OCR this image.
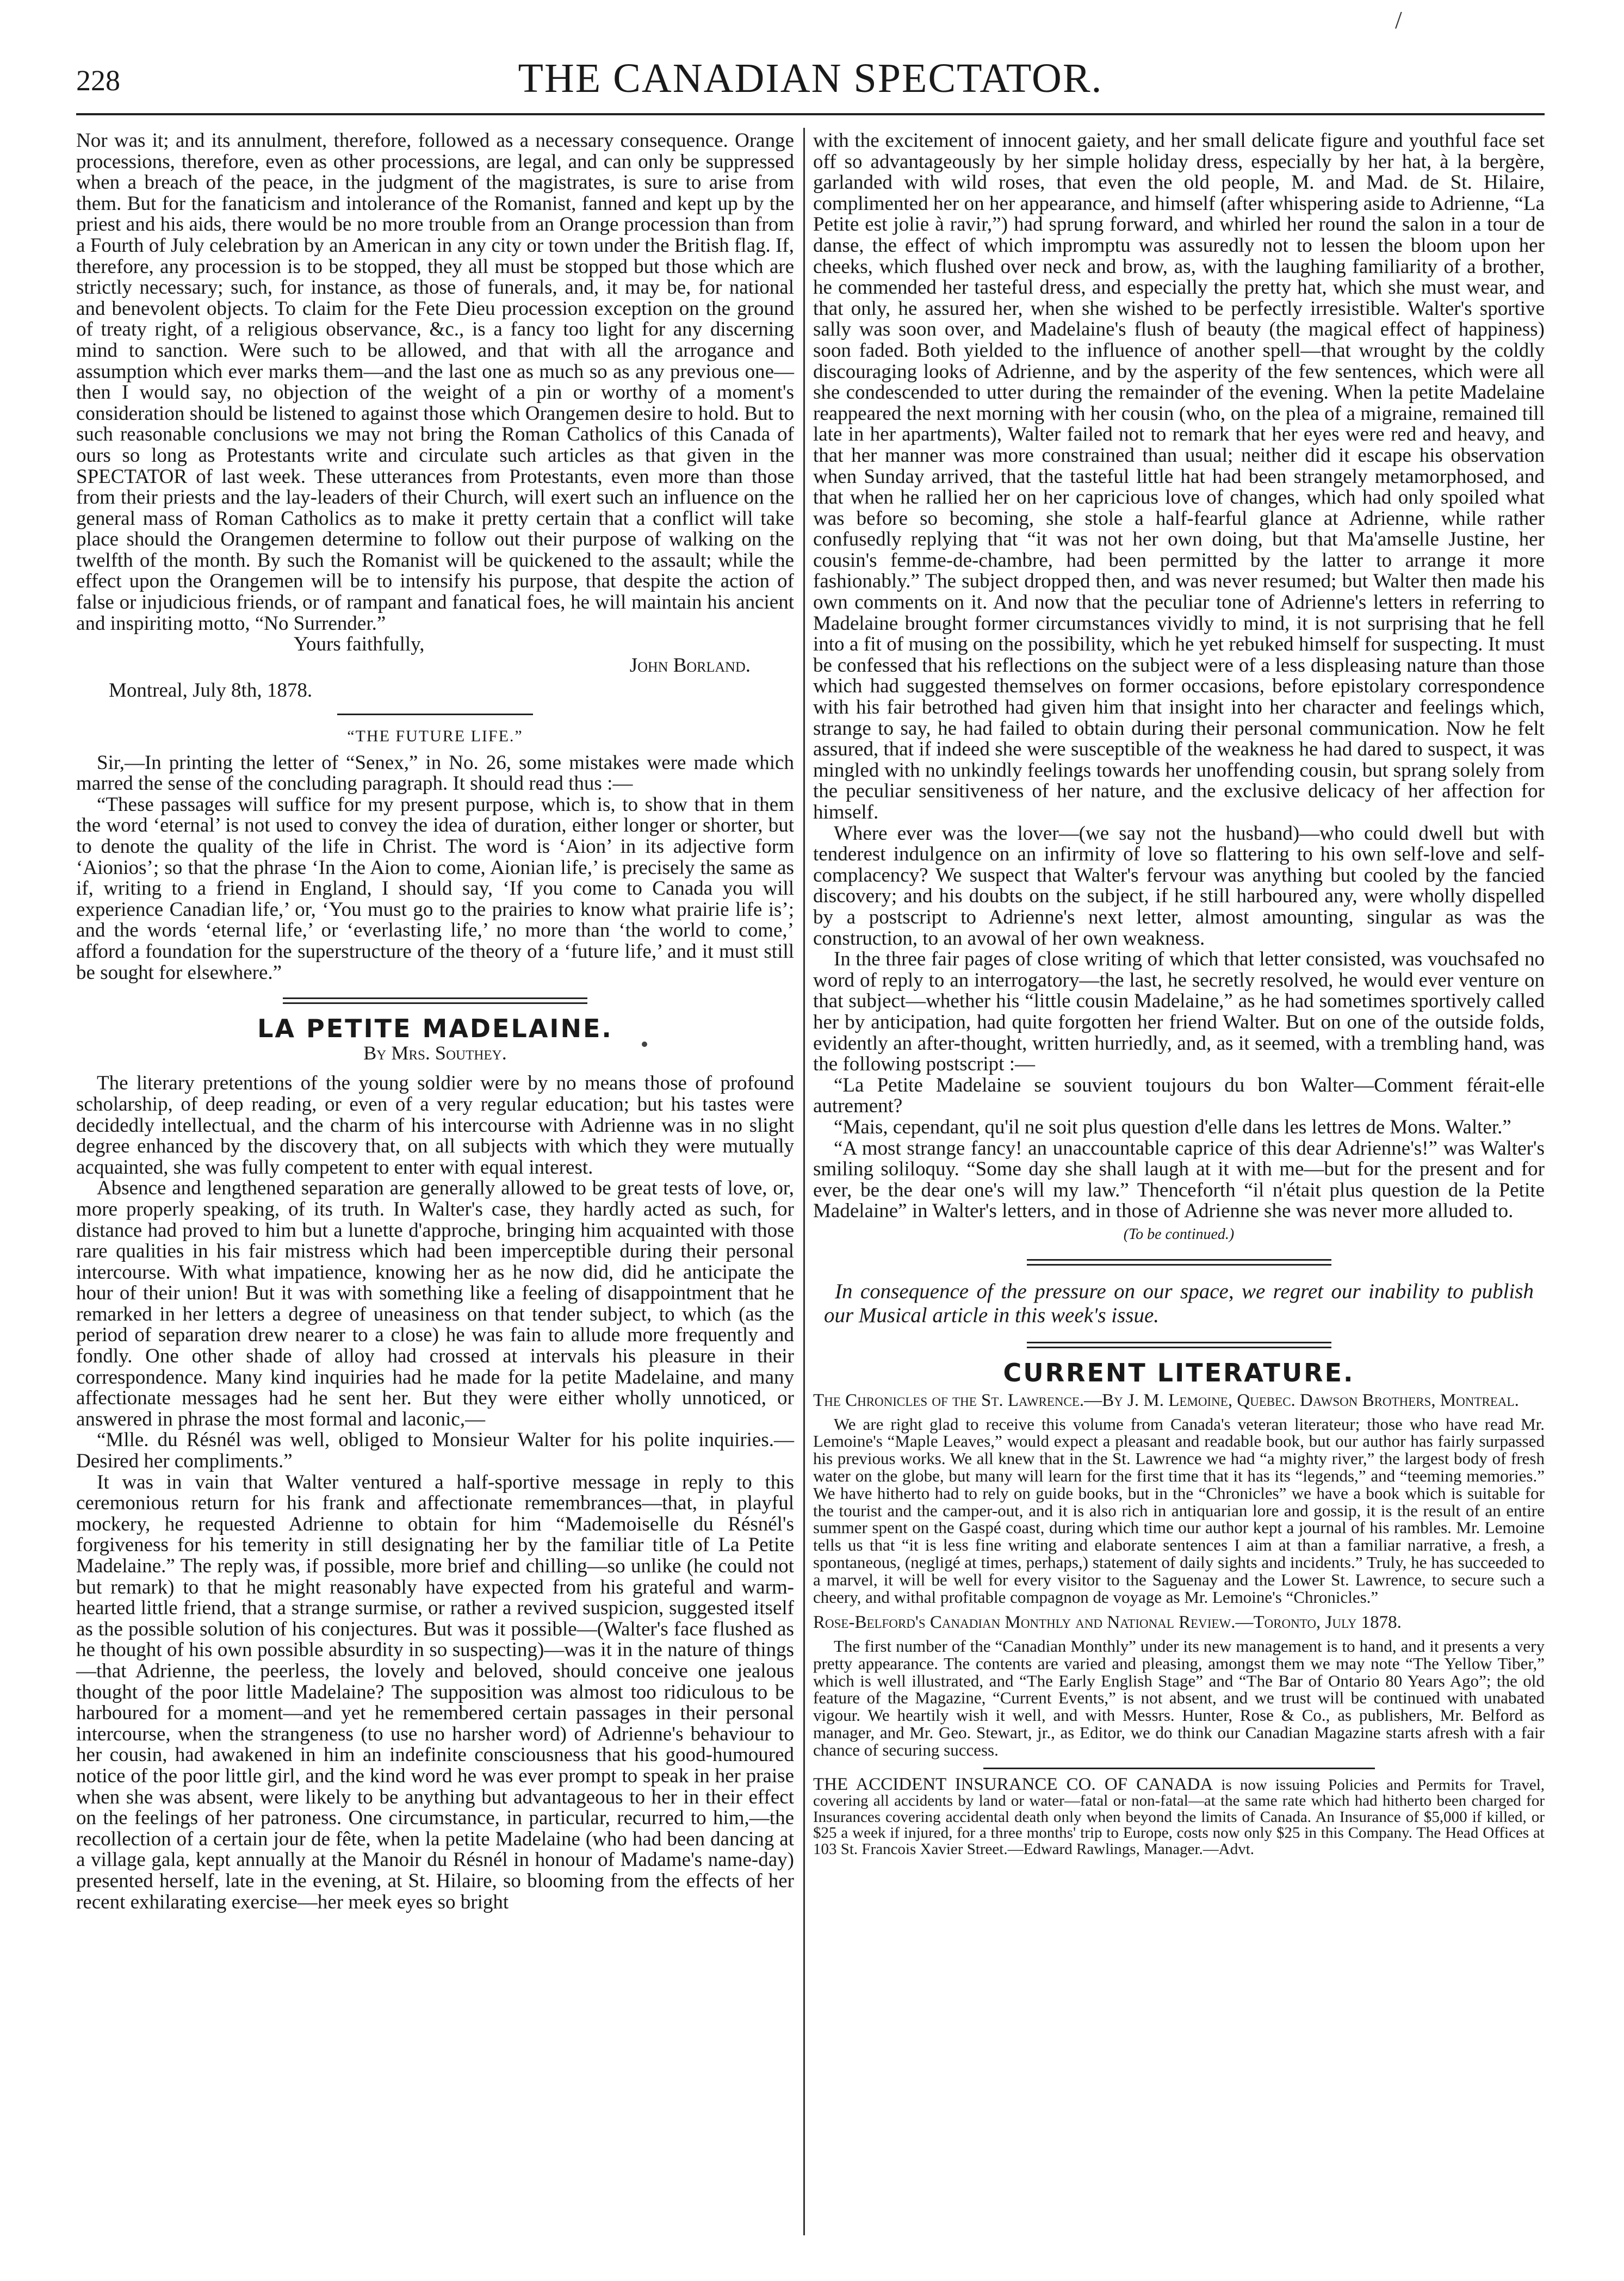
/
228	THE CANADIAN SPECTATOR.

Nor was it; and its annulment, therefore, followed as a necessary consequence. Orange processions, therefore, even as other processions, are legal, and can only be suppressed when a breach of the peace, in the judgment of the magistrates, is sure to arise from them. But for the fanaticism and intolerance of the Romanist, fanned and kept up by the priest and his aids, there would be no more trouble from an Orange procession than from a Fourth of July celebration by an American in any city or town under the British flag. If, therefore, any procession is to be stopped, they all must be stopped but those which are strictly necessary; such, for instance, as those of funerals, and, it may be, for national and benevolent objects. To claim for the Fete Dieu procession exception on the ground of treaty right, of a religious observance, &c., is a fancy too light for any discerning mind to sanction. Were such to be allowed, and that with all the arrogance and assumption which ever marks them—and the last one as much so as any previous one—then I would say, no objection of the weight of a pin or worthy of a moment's consideration should be listened to against those which Orangemen desire to hold. But to such reasonable conclusions we may not bring the Roman Catholics of this Canada of ours so long as Protestants write and circulate such articles as that given in the SPECTATOR of last week. These utterances from Protestants, even more than those from their priests and the lay-leaders of their Church, will exert such an influence on the general mass of Roman Catholics as to make it pretty certain that a conflict will take place should the Orangemen determine to follow out their purpose of walking on the twelfth of the month. By such the Romanist will be quickened to the assault; while the effect upon the Orangemen will be to intensify his purpose, that despite the action of false or injudicious friends, or of rampant and fanatical foes, he will maintain his ancient and inspiriting motto, “No Surrender.”

Yours faithfully,

John Borland.

Montreal, July 8th, 1878.

“THE FUTURE LIFE.”

Sir,—In printing the letter of “Senex,” in No. 26, some mistakes were made which marred the sense of the concluding paragraph. It should read thus :—

“These passages will suffice for my present purpose, which is, to show that in them the word ‘eternal’ is not used to convey the idea of duration, either longer or shorter, but to denote the quality of the life in Christ. The word is ‘Aion’ in its adjective form ‘Aionios’; so that the phrase ‘In the Aion to come, Aionian life,’ is precisely the same as if, writing to a friend in England, I should say, ‘If you come to Canada you will experience Canadian life,’ or, ‘You must go to the prairies to know what prairie life is’; and the words ‘eternal life,’ or ‘everlasting life,’ no more than ‘the world to come,’ afford a foundation for the superstructure of the theory of a ‘future life,’ and it must still be sought for elsewhere.”

LA PETITE MADELAINE.
By Mrs. Southey.

The literary pretentions of the young soldier were by no means those of profound scholarship, of deep reading, or even of a very regular education; but his tastes were decidedly intellectual, and the charm of his intercourse with Adrienne was in no slight degree enhanced by the discovery that, on all subjects with which they were mutually acquainted, she was fully competent to enter with equal interest.

Absence and lengthened separation are generally allowed to be great tests of love, or, more properly speaking, of its truth. In Walter's case, they hardly acted as such, for distance had proved to him but a lunette d'approche, bringing him acquainted with those rare qualities in his fair mistress which had been imperceptible during their personal intercourse. With what impatience, knowing her as he now did, did he anticipate the hour of their union! But it was with something like a feeling of disappointment that he remarked in her letters a degree of uneasiness on that tender subject, to which (as the period of separation drew nearer to a close) he was fain to allude more frequently and fondly. One other shade of alloy had crossed at intervals his pleasure in their correspondence. Many kind inquiries had he made for la petite Madelaine, and many affectionate messages had he sent her. But they were either wholly unnoticed, or answered in phrase the most formal and laconic,—

“Mlle. du Résnél was well, obliged to Monsieur Walter for his polite inquiries.—Desired her compliments.”

It was in vain that Walter ventured a half-sportive message in reply to this ceremonious return for his frank and affectionate remembrances—that, in playful mockery, he requested Adrienne to obtain for him “Mademoiselle du Résnél's forgiveness for his temerity in still designating her by the familiar title of La Petite Madelaine.” The reply was, if possible, more brief and chilling—so unlike (he could not but remark) to that he might reasonably have expected from his grateful and warm-hearted little friend, that a strange surmise, or rather a revived suspicion, suggested itself as the possible solution of his conjectures. But was it possible—(Walter's face flushed as he thought of his own possible absurdity in so suspecting)—was it in the nature of things—that Adrienne, the peerless, the lovely and beloved, should conceive one jealous thought of the poor little Madelaine? The supposition was almost too ridiculous to be harboured for a moment—and yet he remembered certain passages in their personal intercourse, when the strangeness (to use no harsher word) of Adrienne's behaviour to her cousin, had awakened in him an indefinite consciousness that his good-humoured notice of the poor little girl, and the kind word he was ever prompt to speak in her praise when she was absent, were likely to be anything but advantageous to her in their effect on the feelings of her patroness. One circumstance, in particular, recurred to him,—the recollection of a certain jour de fête, when la petite Madelaine (who had been dancing at a village gala, kept annually at the Manoir du Résnél in honour of Madame's name-day) presented herself, late in the evening, at St. Hilaire, so blooming from the effects of her recent exhilarating exercise—her meek eyes so bright

with the excitement of innocent gaiety, and her small delicate figure and youthful face set off so advantageously by her simple holiday dress, especially by her hat, à la bergère, garlanded with wild roses, that even the old people, M. and Mad. de St. Hilaire, complimented her on her appearance, and himself (after whispering aside to Adrienne, “La Petite est jolie à ravir,”) had sprung forward, and whirled her round the salon in a tour de danse, the effect of which impromptu was assuredly not to lessen the bloom upon her cheeks, which flushed over neck and brow, as, with the laughing familiarity of a brother, he commended her tasteful dress, and especially the pretty hat, which she must wear, and that only, he assured her, when she wished to be perfectly irresistible. Walter's sportive sally was soon over, and Madelaine's flush of beauty (the magical effect of happiness) soon faded. Both yielded to the influence of another spell—that wrought by the coldly discouraging looks of Adrienne, and by the asperity of the few sentences, which were all she condescended to utter during the remainder of the evening. When la petite Madelaine reappeared the next morning with her cousin (who, on the plea of a migraine, remained till late in her apartments), Walter failed not to remark that her eyes were red and heavy, and that her manner was more constrained than usual; neither did it escape his observation when Sunday arrived, that the tasteful little hat had been strangely metamorphosed, and that when he rallied her on her capricious love of changes, which had only spoiled what was before so becoming, she stole a half-fearful glance at Adrienne, while rather confusedly replying that “it was not her own doing, but that Ma'amselle Justine, her cousin's femme-de-chambre, had been permitted by the latter to arrange it more fashionably.” The subject dropped then, and was never resumed; but Walter then made his own comments on it. And now that the peculiar tone of Adrienne's letters in referring to Madelaine brought former circumstances vividly to mind, it is not surprising that he fell into a fit of musing on the possibility, which he yet rebuked himself for suspecting. It must be confessed that his reflections on the subject were of a less displeasing nature than those which had suggested themselves on former occasions, before epistolary correspondence with his fair betrothed had given him that insight into her character and feelings which, strange to say, he had failed to obtain during their personal communication. Now he felt assured, that if indeed she were susceptible of the weakness he had dared to suspect, it was mingled with no unkindly feelings towards her unoffending cousin, but sprang solely from the peculiar sensitiveness of her nature, and the exclusive delicacy of her affection for himself.

Where ever was the lover—(we say not the husband)—who could dwell but with tenderest indulgence on an infirmity of love so flattering to his own self-love and self-complacency? We suspect that Walter's fervour was anything but cooled by the fancied discovery; and his doubts on the subject, if he still harboured any, were wholly dispelled by a postscript to Adrienne's next letter, almost amounting, singular as was the construction, to an avowal of her own weakness.

In the three fair pages of close writing of which that letter consisted, was vouchsafed no word of reply to an interrogatory—the last, he secretly resolved, he would ever venture on that subject—whether his “little cousin Madelaine,” as he had sometimes sportively called her by anticipation, had quite forgotten her friend Walter. But on one of the outside folds, evidently an after-thought, written hurriedly, and, as it seemed, with a trembling hand, was the following postscript :—

“La Petite Madelaine se souvient toujours du bon Walter—Comment férait-elle autrement?

“Mais, cependant, qu'il ne soit plus question d'elle dans les lettres de Mons. Walter.”

“A most strange fancy! an unaccountable caprice of this dear Adrienne's!” was Walter's smiling soliloquy. “Some day she shall laugh at it with me—but for the present and for ever, be the dear one's will my law.” Thenceforth “il n'était plus question de la Petite Madelaine” in Walter's letters, and in those of Adrienne she was never more alluded to.

(To be continued.)
In consequence of the pressure on our space, we regret our inability to publish our Musical article in this week's issue.
CURRENT LITERATURE.

The Chronicles of the St. Lawrence.—By J. M. Lemoine, Quebec. Dawson Brothers, Montreal.

We are right glad to receive this volume from Canada's veteran literateur; those who have read Mr. Lemoine's “Maple Leaves,” would expect a pleasant and readable book, but our author has fairly surpassed his previous works. We all knew that in the St. Lawrence we had “a mighty river,” the largest body of fresh water on the globe, but many will learn for the first time that it has its “legends,” and “teeming memories.” We have hitherto had to rely on guide books, but in the “Chronicles” we have a book which is suitable for the tourist and the camper-out, and it is also rich in antiquarian lore and gossip, it is the result of an entire summer spent on the Gaspé coast, during which time our author kept a journal of his rambles. Mr. Lemoine tells us that “it is less fine writing and elaborate sentences I aim at than a familiar narrative, a fresh, a spontaneous, (negligé at times, perhaps,) statement of daily sights and incidents.” Truly, he has succeeded to a marvel, it will be well for every visitor to the Saguenay and the Lower St. Lawrence, to secure such a cheery, and withal profitable compagnon de voyage as Mr. Lemoine's “Chronicles.”

Rose-Belford's Canadian Monthly and National Review.—Toronto, July 1878.

The first number of the “Canadian Monthly” under its new management is to hand, and it presents a very pretty appearance. The contents are varied and pleasing, amongst them we may note “The Yellow Tiber,” which is well illustrated, and “The Early English Stage” and “The Bar of Ontario 80 Years Ago”; the old feature of the Magazine, “Current Events,” is not absent, and we trust will be continued with unabated vigour. We heartily wish it well, and with Messrs. Hunter, Rose & Co., as publishers, Mr. Belford as manager, and Mr. Geo. Stewart, jr., as Editor, we do think our Canadian Magazine starts afresh with a fair chance of securing success.

THE ACCIDENT INSURANCE CO. OF CANADA is now issuing Policies and Permits for Travel, covering all accidents by land or water—fatal or non-fatal—at the same rate which had hitherto been charged for Insurances covering accidental death only when beyond the limits of Canada. An Insurance of $5,000 if killed, or $25 a week if injured, for a three months' trip to Europe, costs now only $25 in this Company. The Head Offices at 103 St. Francois Xavier Street.—Edward Rawlings, Manager.—Advt.
